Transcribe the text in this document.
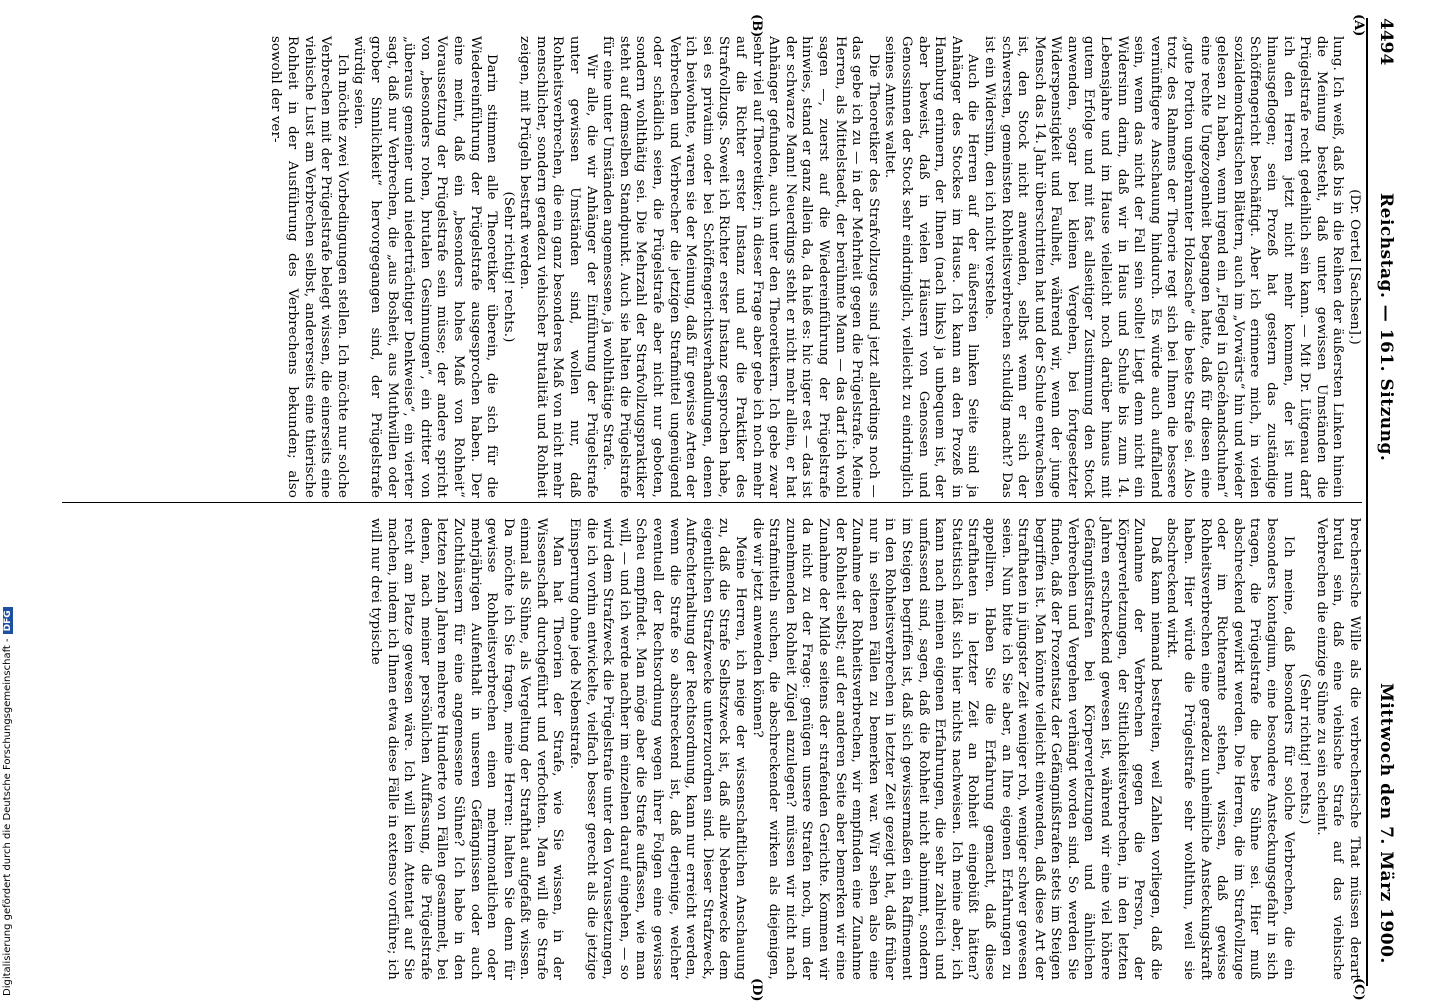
4494
Reichstag. — 161. Sitzung.
Mittwoch den 7. März 1900.
(A)
(B)
(C)
(D)

(Dr. Oertel [Sachsen].)

lung. Ich weiß, daß bis in die Reihen der äußersten Linken hinein die Meinung besteht, daß unter gewissen Umständen die Prügelstrafe recht gedeihlich sein kann. — Mit Dr. Lütgenau darf ich den Herren jetzt nicht mehr kommen, der ist nun hinausgeflogen; sein Prozeß hat gestern das zuständige Schöffengericht beschäftigt. Aber ich erinnere mich, in vielen sozialdemokratischen Blättern, auch im „Vorwärts“ hin und wieder gelesen zu haben, wenn irgend ein „Flegel in Glacéhandschuhen“ eine rechte Ungezogenheit begangen hatte, daß für diesen eine „gute Portion ungebrannter Holzasche“ die beste Strafe sei. Also trotz des Rahmens der Theorie regt sich bei Ihnen die bessere vernünftigere Anschauung hindurch. Es würde auch auffallend sein, wenn das nicht der Fall sein sollte! Liegt denn nicht ein Widersinn darin, daß wir in Haus und Schule bis zum 14. Lebensjahre und im Hause vielleicht noch darüber hinaus mit gutem Erfolge und mit fast allseitiger Zustimmung den Stock anwenden, sogar bei kleinen Vergehen, bei fortgesetzter Widerspenstigkeit und Faulheit, während wir, wenn der junge Mensch das 14. Jahr überschritten hat und der Schule entwachsen ist, den Stock nicht anwenden, selbst wenn er sich der schwersten, gemeinsten Rohheitsverbrechen schuldig macht? Das ist ein Widersinn, den ich nicht verstehe.

Auch die Herren auf der äußersten linken Seite sind ja Anhänger des Stockes im Hause. Ich kann an den Prozeß in Hamburg erinnern, der Ihnen (nach links) ja unbequem ist, der aber beweist, daß in vielen Häusern von Genossen und Genossinnen der Stock sehr eindringlich, vielleicht zu eindringlich seines Amtes waltet.

Die Theoretiker des Strafvollzuges sind jetzt allerdings noch — das gebe ich zu — in der Mehrheit gegen die Prügelstrafe. Meine Herren, als Mittelstaedt, der berühmte Mann — das darf ich wohl sagen —, zuerst auf die Wiedereinführung der Prügelstrafe hinwies, stand er ganz allein da, da hieß es: hic niger est — das ist der schwarze Mann! Neuerdings steht er nicht mehr allein, er hat Anhänger gefunden, auch unter den Theoretikern. Ich gebe zwar sehr viel auf Theoretiker; in dieser Frage aber gebe ich noch mehr auf die Richter erster Instanz und auf die Praktiker des Strafvollzugs. Soweit ich Richter erster Instanz gesprochen habe, sei es privatim oder bei Schöffengerichtsverhandlungen, denen ich beiwohnte, waren sie der Meinung, daß für gewisse Arten der Verbrechen und Verbrecher die jetzigen Strafmittel ungenügend oder schädlich seien, die Prügelstrafe aber nicht nur geboten, sondern wohlthätig sei. Die Mehrzahl der Strafvollzugspraktiker steht auf demselben Standpunkt. Auch sie halten die Prügelstrafe für eine unter Umständen angemessene, ja wohlthätige Strafe.

Wir alle, die wir Anhänger der Einführung der Prügelstrafe unter gewissen Umständen sind, wollen nur, daß Rohheitsverbrechen, die ein ganz besonderes Maß von nicht mehr menschlicher, sondern geradezu viehischer Brutalität und Rohheit zeigen, mit Prügeln bestraft werden.

(Sehr richtig! rechts.)

Darin stimmen alle Theoretiker überein, die sich für die Wiedereinführung der Prügelstrafe ausgesprochen haben. Der eine meint, daß ein „besonders hohes Maß von Rohheit“ Voraussetzung der Prügelstrafe sein müsse; der andere spricht von „besonders rohen, brutalen Gesinnungen“, ein dritter von „überaus gemeiner und niederträchtiger Denkweise“, ein vierter sagt, daß nur Verbrechen, die „aus Bosheit, aus Muthwillen oder grober Sinnlichkeit“ hervorgegangen sind, der Prügelstrafe würdig seien.

Ich möchte zwei Vorbedingungen stellen. Ich möchte nur solche Verbrechen mit der Prügelstrafe belegt wissen, die einerseits eine viehische Lust am Verbrechen selbst, andererseits eine thierische Rohheit in der Ausführung des Verbrechens bekunden; also sowohl der ver-

brecherische Wille als die verbrecherische That müssen derart brutal sein, daß eine viehische Strafe auf das viehische Verbrechen die einzige Sühne zu sein scheint.

(Sehr richtig! rechts.)

Ich meine, daß besonders für solche Verbrechen, die ein besonders kontagium, eine besondere Ansteckungsgefahr in sich tragen, die Prügelstrafe die beste Sühne sei. Hier muß abschreckend gewirkt werden. Die Herren, die im Strafvollzuge oder im Richteramte stehen, wissen, daß gewisse Rohheitsverbrechen eine geradezu unheimliche Ansteckungskraft haben. Hier würde die Prügelstrafe sehr wohlthun, weil sie abschreckend wirkt.

Daß kann niemand bestreiten, weil Zahlen vorliegen, daß die Zunahme der Verbrechen gegen die Person, der Körperverletzungen, der Sittlichkeitsverbrechen, in den letzten Jahren erschreckend gewesen ist, während wir eine viel höhere Gefängnißstrafen bei Körperverletzungen und ähnlichen Verbrechen und Vergehen verhängt worden sind. So werden Sie finden, daß der Prozentsatz der Gefängnißstrafen stets im Steigen begriffen ist. Man könnte vielleicht einwenden, daß diese Art der Strafthaten in jüngster Zeit weniger roh, weniger schwer gewesen seien. Nun bitte ich Sie aber, an Ihre eigenen Erfahrungen zu appelliren. Haben Sie die Erfahrung gemacht, daß diese Strafthaten in letzter Zeit an Rohheit eingebüßt hätten? Statistisch läßt sich hier nichts nachweisen. Ich meine aber, ich kann nach meinen eigenen Erfahrungen, die sehr zahlreich und umfassend sind, sagen, daß die Rohheit nicht abnimmt, sondern im Steigen begriffen ist, daß sich gewissermaßen ein Raffinement in den Rohheitsverbrechen in letzter Zeit gezeigt hat, daß früher nur in seltenen Fällen zu bemerken war. Wir sehen also eine Zunahme der Rohheitsverbrechen, wir empfinden eine Zunahme der Rohheit selbst; auf der anderen Seite aber bemerken wir eine Zunahme der Milde seitens der strafenden Gerichte. Kommen wir da nicht zu der Frage: genügen unsere Strafen noch, um der zunehmenden Rohheit Zügel anzulegen? müssen wir nicht nach Strafmitteln suchen, die abschreckender wirken als diejenigen, die wir jetzt anwenden können?

Meine Herren, ich neige der wissenschaftlichen Anschauung zu, daß die Strafe Selbstzweck ist, daß alle Nebenzwecke dem eigentlichen Strafzwecke unterzuordnen sind. Dieser Strafzweck, Aufrechterhaltung der Rechtsordnung, kann nur erreicht werden, wenn die Strafe so abschreckend ist, daß derjenige, welcher eventuell der Rechtsordnung wegen ihrer Folgen eine gewisse Scheu empfindet. Man möge aber die Strafe auffassen, wie man will, — und ich werde nachher im einzelnen darauf eingehen, — so wird dem Strafzweck die Prügelstrafe unter den Voraussetzungen, die ich vorhin entwickelte, vielfach besser gerecht als die jetzige Einsperrung ohne jede Nebenstrafe.

Man hat Theorien der Strafe, wie Sie wissen, in der Wissenschaft durchgeführt und verfochten. Man will die Strafe einmal als Sühne, als Vergeltung der Strafthat aufgefaßt wissen. Da möchte ich Sie fragen, meine Herren: halten Sie denn für gewisse Rohheitsverbrechen einen mehrmonatlichen oder mehrjährigen Aufenthalt in unseren Gefängnissen oder auch Zuchthäusern für eine angemessene Sühne? Ich habe in den letzten zehn Jahren mehrere Hunderte von Fällen gesammelt, bei denen, nach meiner persönlichen Auffassung, die Prügelstrafe recht am Platze gewesen wäre. Ich will kein Attentat auf Sie machen, indem ich Ihnen etwa diese Fälle in extenso vorführe; ich will nur drei typische

Digitalisierung gefördert durch die Deutsche Forschungsgemeinschaft -DFG
